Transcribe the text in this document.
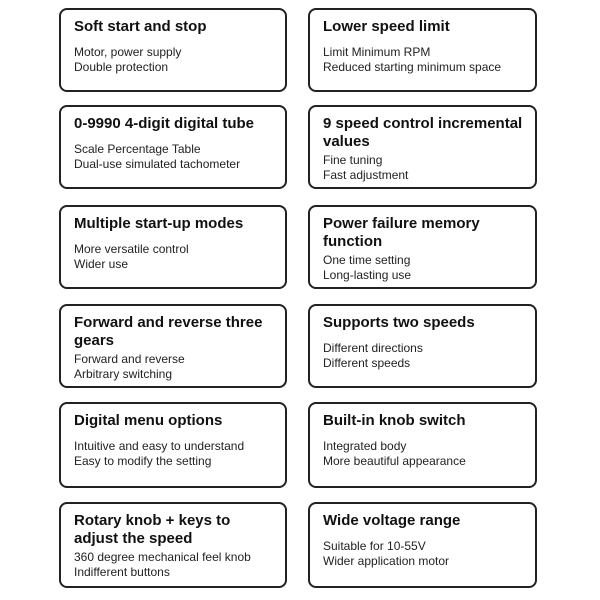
Soft start and stop

Motor, power supply

Double protection

Lower speed limit

Limit Minimum RPM

Reduced starting minimum space

0-9990 4-digit digital tube

Scale Percentage Table

Dual-use simulated tachometer

9 speed control incremental values

Fine tuning

Fast adjustment

Multiple start-up modes

More versatile control

Wider use

Power failure memory function

One time setting

Long-lasting use

Forward and reverse three gears

Forward and reverse

Arbitrary switching

Supports two speeds

Different directions

Different speeds

Digital menu options

Intuitive and easy to understand

Easy to modify the setting

Built-in knob switch

Integrated body

More beautiful appearance

Rotary knob + keys to adjust the speed

360 degree mechanical feel knob

Indifferent buttons

Wide voltage range

Suitable for 10-55V

Wider application motor
